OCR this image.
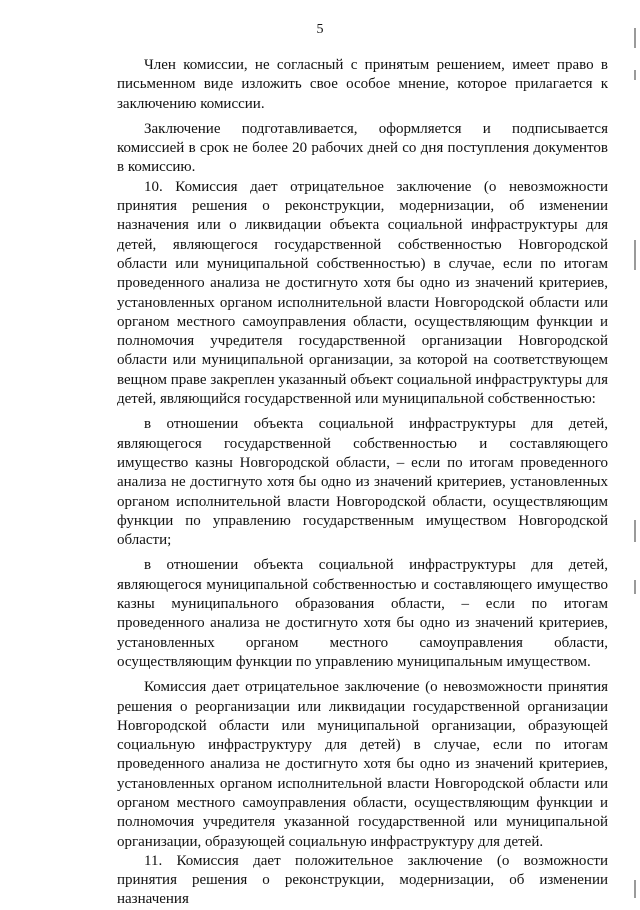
5

Член комиссии, не согласный с принятым решением, имеет право в письменном виде изложить свое особое мнение, которое прилагается к заключению комиссии.

Заключение подготавливается, оформляется и подписывается комиссией в срок не более 20 рабочих дней со дня поступления документов в комиссию.

10. Комиссия дает отрицательное заключение (о невозможности принятия решения о реконструкции, модернизации, об изменении назначения или о ликвидации объекта социальной инфраструктуры для детей, являющегося государственной собственностью Новгородской области или муниципальной собственностью) в случае, если по итогам проведенного анализа не достигнуто хотя бы одно из значений критериев, установленных органом исполнительной власти Новгородской области или органом местного самоуправления области, осуществляющим функции и полномочия учредителя государственной организации Новгородской области или муниципальной организации, за которой на соответствующем вещном праве закреплен указанный объект социальной инфраструктуры для детей, являющийся государственной или муниципальной собственностью:

в отношении объекта социальной инфраструктуры для детей, являющегося государственной собственностью и составляющего имущество казны Новгородской области, – если по итогам проведенного анализа не достигнуто хотя бы одно из значений критериев, установленных органом исполнительной власти Новгородской области, осуществляющим функции по управлению государственным имуществом Новгородской области;

в отношении объекта социальной инфраструктуры для детей, являющегося муниципальной собственностью и составляющего имущество казны муниципального образования области, – если по итогам проведенного анализа не достигнуто хотя бы одно из значений критериев, установленных органом местного самоуправления области, осуществляющим функции по управлению муниципальным имуществом.

Комиссия дает отрицательное заключение (о невозможности принятия решения о реорганизации или ликвидации государственной организации Новгородской области или муниципальной организации, образующей социальную инфраструктуру для детей) в случае, если по итогам проведенного анализа не достигнуто хотя бы одно из значений критериев, установленных органом исполнительной власти Новгородской области или органом местного самоуправления области, осуществляющим функции и полномочия учредителя указанной государственной или муниципальной организации, образующей социальную инфраструктуру для детей.

11. Комиссия дает положительное заключение (о возможности принятия решения о реконструкции, модернизации, об изменении назначения
